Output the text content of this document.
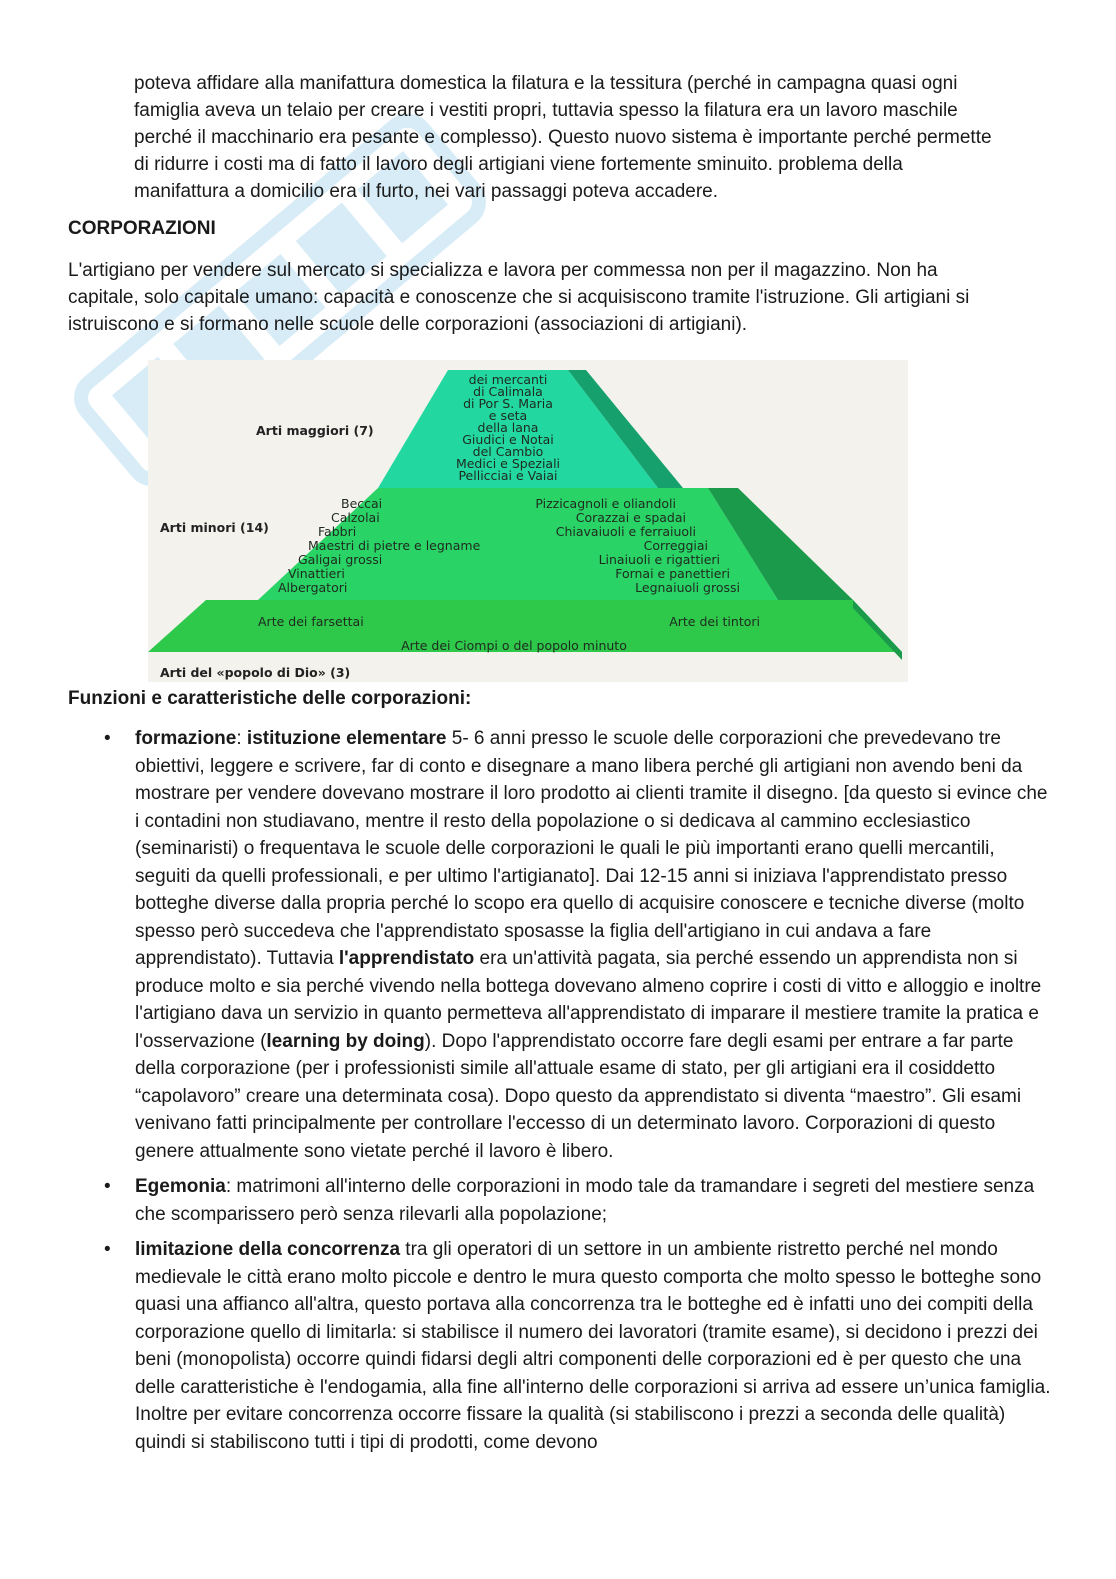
poteva affidare alla manifattura domestica la filatura e la tessitura (perché in campagna quasi ogni

famiglia aveva un telaio per creare i vestiti propri, tuttavia spesso la filatura era un lavoro maschile

perché il macchinario era pesante e complesso). Questo nuovo sistema è importante perché permette

di ridurre i costi ma di fatto il lavoro degli artigiani viene fortemente sminuito. problema della

manifattura a domicilio era il furto, nei vari passaggi poteva accadere.

CORPORAZIONI

L'artigiano per vendere sul mercato si specializza e lavora per commessa non per il magazzino. Non ha

capitale, solo capitale umano: capacità e conoscenze che si acquisiscono tramite l'istruzione. Gli artigiani si

istruiscono e si formano nelle scuole delle corporazioni (associazioni di artigiani).

Arti maggiori (7)
Arti minori (14)
Arti del «popolo di Dio» (3)
dei mercanti
di Calimala
di Por S. Maria
e seta
della lana
Giudici e Notai
del Cambio
Medici e Speziali
Pellicciai e Vaiai
Beccai
Calzolai
Fabbri
Maestri di pietre e legname
Galigai grossi
Vinattieri
Albergatori
Pizzicagnoli e oliandoli
Corazzai e spadai
Chiavaiuoli e ferraiuoli
Correggiai
Linaiuoli e rigattieri
Fornai e panettieri
Legnaiuoli grossi
Arte dei farsettai	Arte dei tintori
Arte dei Ciompi o del popolo minuto
Funzioni e caratteristiche delle corporazioni:
• formazione: istituzione elementare 5- 6 anni presso le scuole delle corporazioni che prevedevano tre obiettivi, leggere e scrivere, far di conto e disegnare a mano libera perché gli artigiani non avendo beni da mostrare per vendere dovevano mostrare il loro prodotto ai clienti tramite il disegno. [da questo si evince che i contadini non studiavano, mentre il resto della popolazione o si dedicava al cammino ecclesiastico (seminaristi) o frequentava le scuole delle corporazioni le quali le più importanti erano quelli mercantili, seguiti da quelli professionali, e per ultimo l'artigianato]. Dai 12-15 anni si iniziava l'apprendistato presso botteghe diverse dalla propria perché lo scopo era quello di acquisire conoscere e tecniche diverse (molto spesso però succedeva che l'apprendistato sposasse la figlia dell'artigiano in cui andava a fare apprendistato). Tuttavia l'apprendistato era un'attività pagata, sia perché essendo un apprendista non si produce molto e sia perché vivendo nella bottega dovevano almeno coprire i costi di vitto e alloggio e inoltre l'artigiano dava un servizio in quanto permetteva all'apprendistato di imparare il mestiere tramite la pratica e l'osservazione (learning by doing). Dopo l'apprendistato occorre fare degli esami per entrare a far parte della corporazione (per i professionisti simile all'attuale esame di stato, per gli artigiani era il cosiddetto “capolavoro” creare una determinata cosa). Dopo questo da apprendistato si diventa “maestro”. Gli esami venivano fatti principalmente per controllare l'eccesso di un determinato lavoro. Corporazioni di questo genere attualmente sono vietate perché il lavoro è libero.
• Egemonia: matrimoni all'interno delle corporazioni in modo tale da tramandare i segreti del mestiere senza che scomparissero però senza rilevarli alla popolazione;
• limitazione della concorrenza tra gli operatori di un settore in un ambiente ristretto perché nel mondo medievale le città erano molto piccole e dentro le mura questo comporta che molto spesso le botteghe sono quasi una affianco all'altra, questo portava alla concorrenza tra le botteghe ed è infatti uno dei compiti della corporazione quello di limitarla: si stabilisce il numero dei lavoratori (tramite esame), si decidono i prezzi dei beni (monopolista) occorre quindi fidarsi degli altri componenti delle corporazioni ed è per questo che una delle caratteristiche è l'endogamia, alla fine all'interno delle corporazioni si arriva ad essere un’unica famiglia. Inoltre per evitare concorrenza occorre fissare la qualità (si stabiliscono i prezzi a seconda delle qualità) quindi si stabiliscono tutti i tipi di prodotti, come devono
